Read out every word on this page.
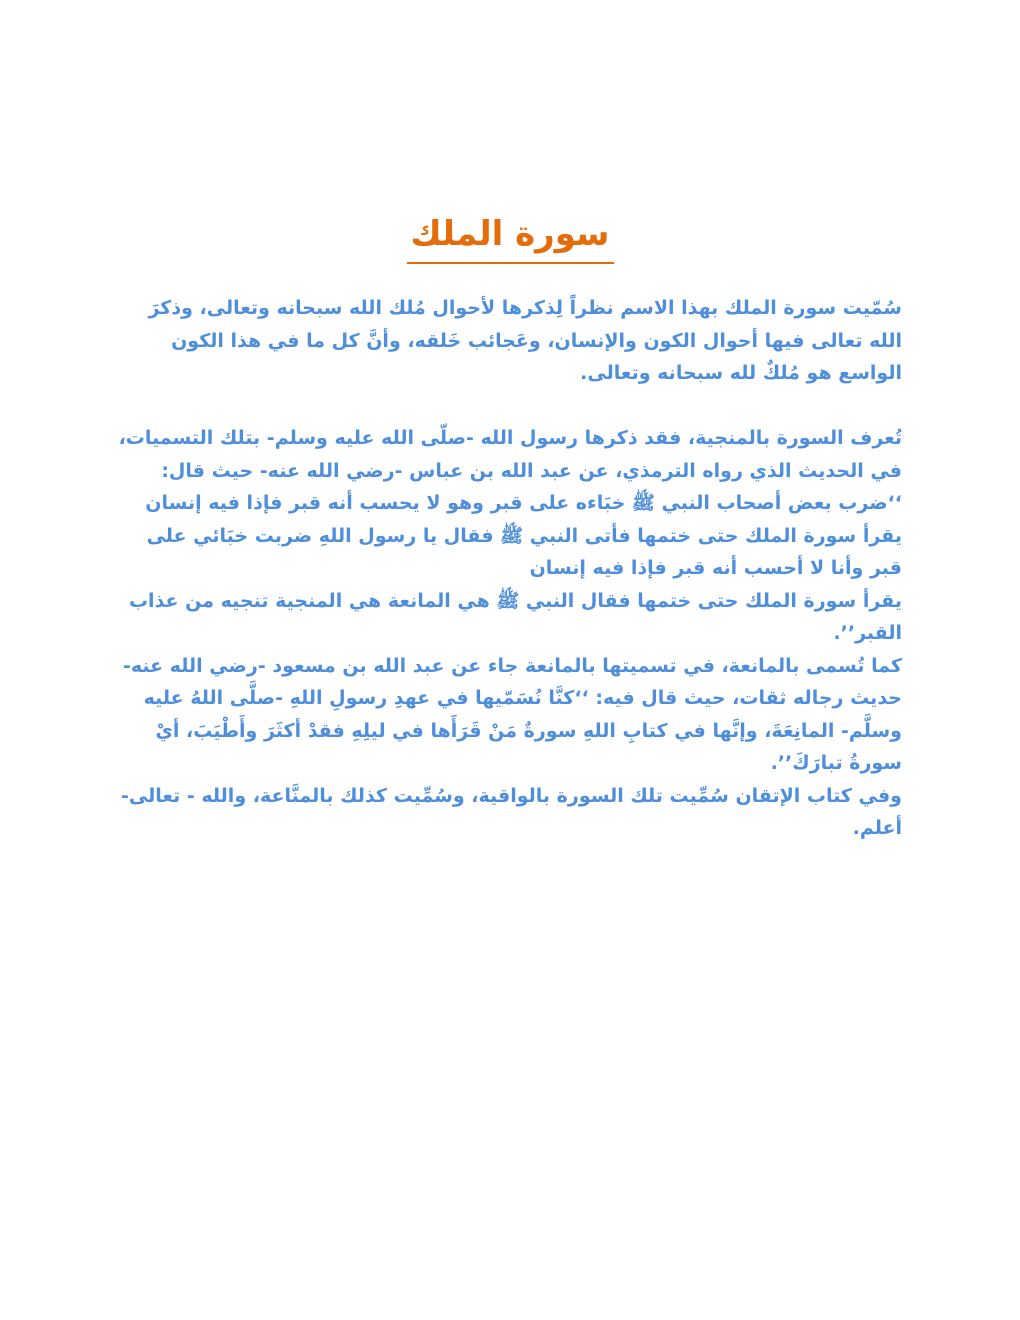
سورة الملك

سُمّيت سورة الملك بهذا الاسم نظراً لِذكرها لأحوال مُلك الله سبحانه وتعالى، وذكرَ الله تعالى فيها أحوال الكون والإنسان، وعَجائب خَلقه، وأنَّ كل ما في هذا الكون الواسع هو مُلكٌ لله سبحانه وتعالى.

تُعرف السورة بالمنجية، فقد ذكرها رسول الله -صلّى الله عليه وسلم- بتلك التسميات، في الحديث الذي رواه الترمذي، عن عبد الله بن عباس -رضي الله عنه- حيث قال: ‘‘ضرب بعض أصحاب النبي ﷺ خبَاءه على قبر وهو لا يحسب أنه قبر فإذا فيه إنسان يقرأ سورة الملك حتى ختمها فأتى النبي ﷺ فقال يا رسول اللهِ ضربت خبَائي على قبر وأنا لا أحسب أنه قبر فإذا فيه إنسان

يقرأ سورة الملك حتى ختمها فقال النبي ﷺ هي المانعة هي المنجية تنجيه من عذاب القبر’’.

كما تُسمى بالمانعة، في تسميتها بالمانعة جاء عن عبد الله بن مسعود -رضي الله عنه- حديث رجاله ثقات، حيث قال فيه: ‘‘كنَّا نُسَمّيها في عهدِ رسولِ اللهِ -صلَّى اللهُ عليه وسلَّم- المانِعَةَ، وإنَّها في كتابِ اللهِ سورةٌ مَنْ قَرَأَها في ليلِهِ فقدْ أكثَرَ وأَطْيَبَ، أيْ سورةُ تبارَكَ’’.

وفي كتاب الإتقان سُمِّيت تلك السورة بالواقية، وسُمِّيت كذلك بالمنَّاعة، والله - تعالى- أعلم.
